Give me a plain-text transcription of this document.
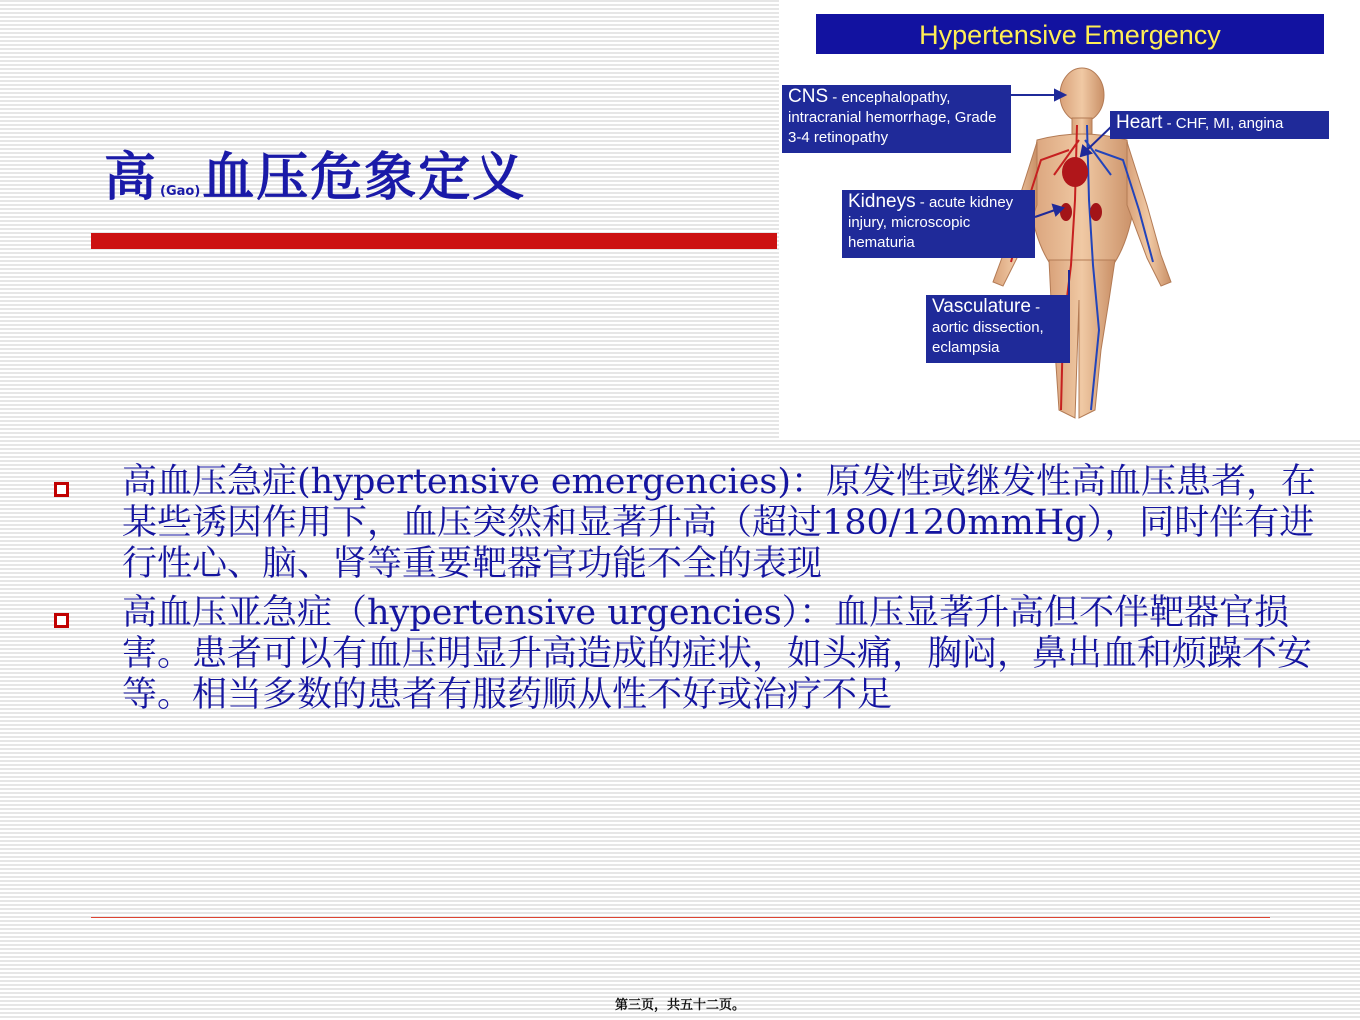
高 (Gao)血压危象定义
Hypertensive Emergency
CNS - encephalopathy, intracranial hemorrhage, Grade 3-4 retinopathy
Heart - CHF, MI, angina
Kidneys - acute kidney injury, microscopic hematuria
Vasculature - aortic dissection, eclampsia
高血压急症(hypertensive emergencies)：原发性或继发性高血压患者，在某些诱因作用下，血压突然和显著升高（超过180/120mmHg），同时伴有进行性心、脑、肾等重要靶器官功能不全的表现
高血压亚急症（hypertensive urgencies）：血压显著升高但不伴靶器官损害。患者可以有血压明显升高造成的症状，如头痛，胸闷，鼻出血和烦躁不安等。相当多数的患者有服药顺从性不好或治疗不足
第三页，共五十二页。
